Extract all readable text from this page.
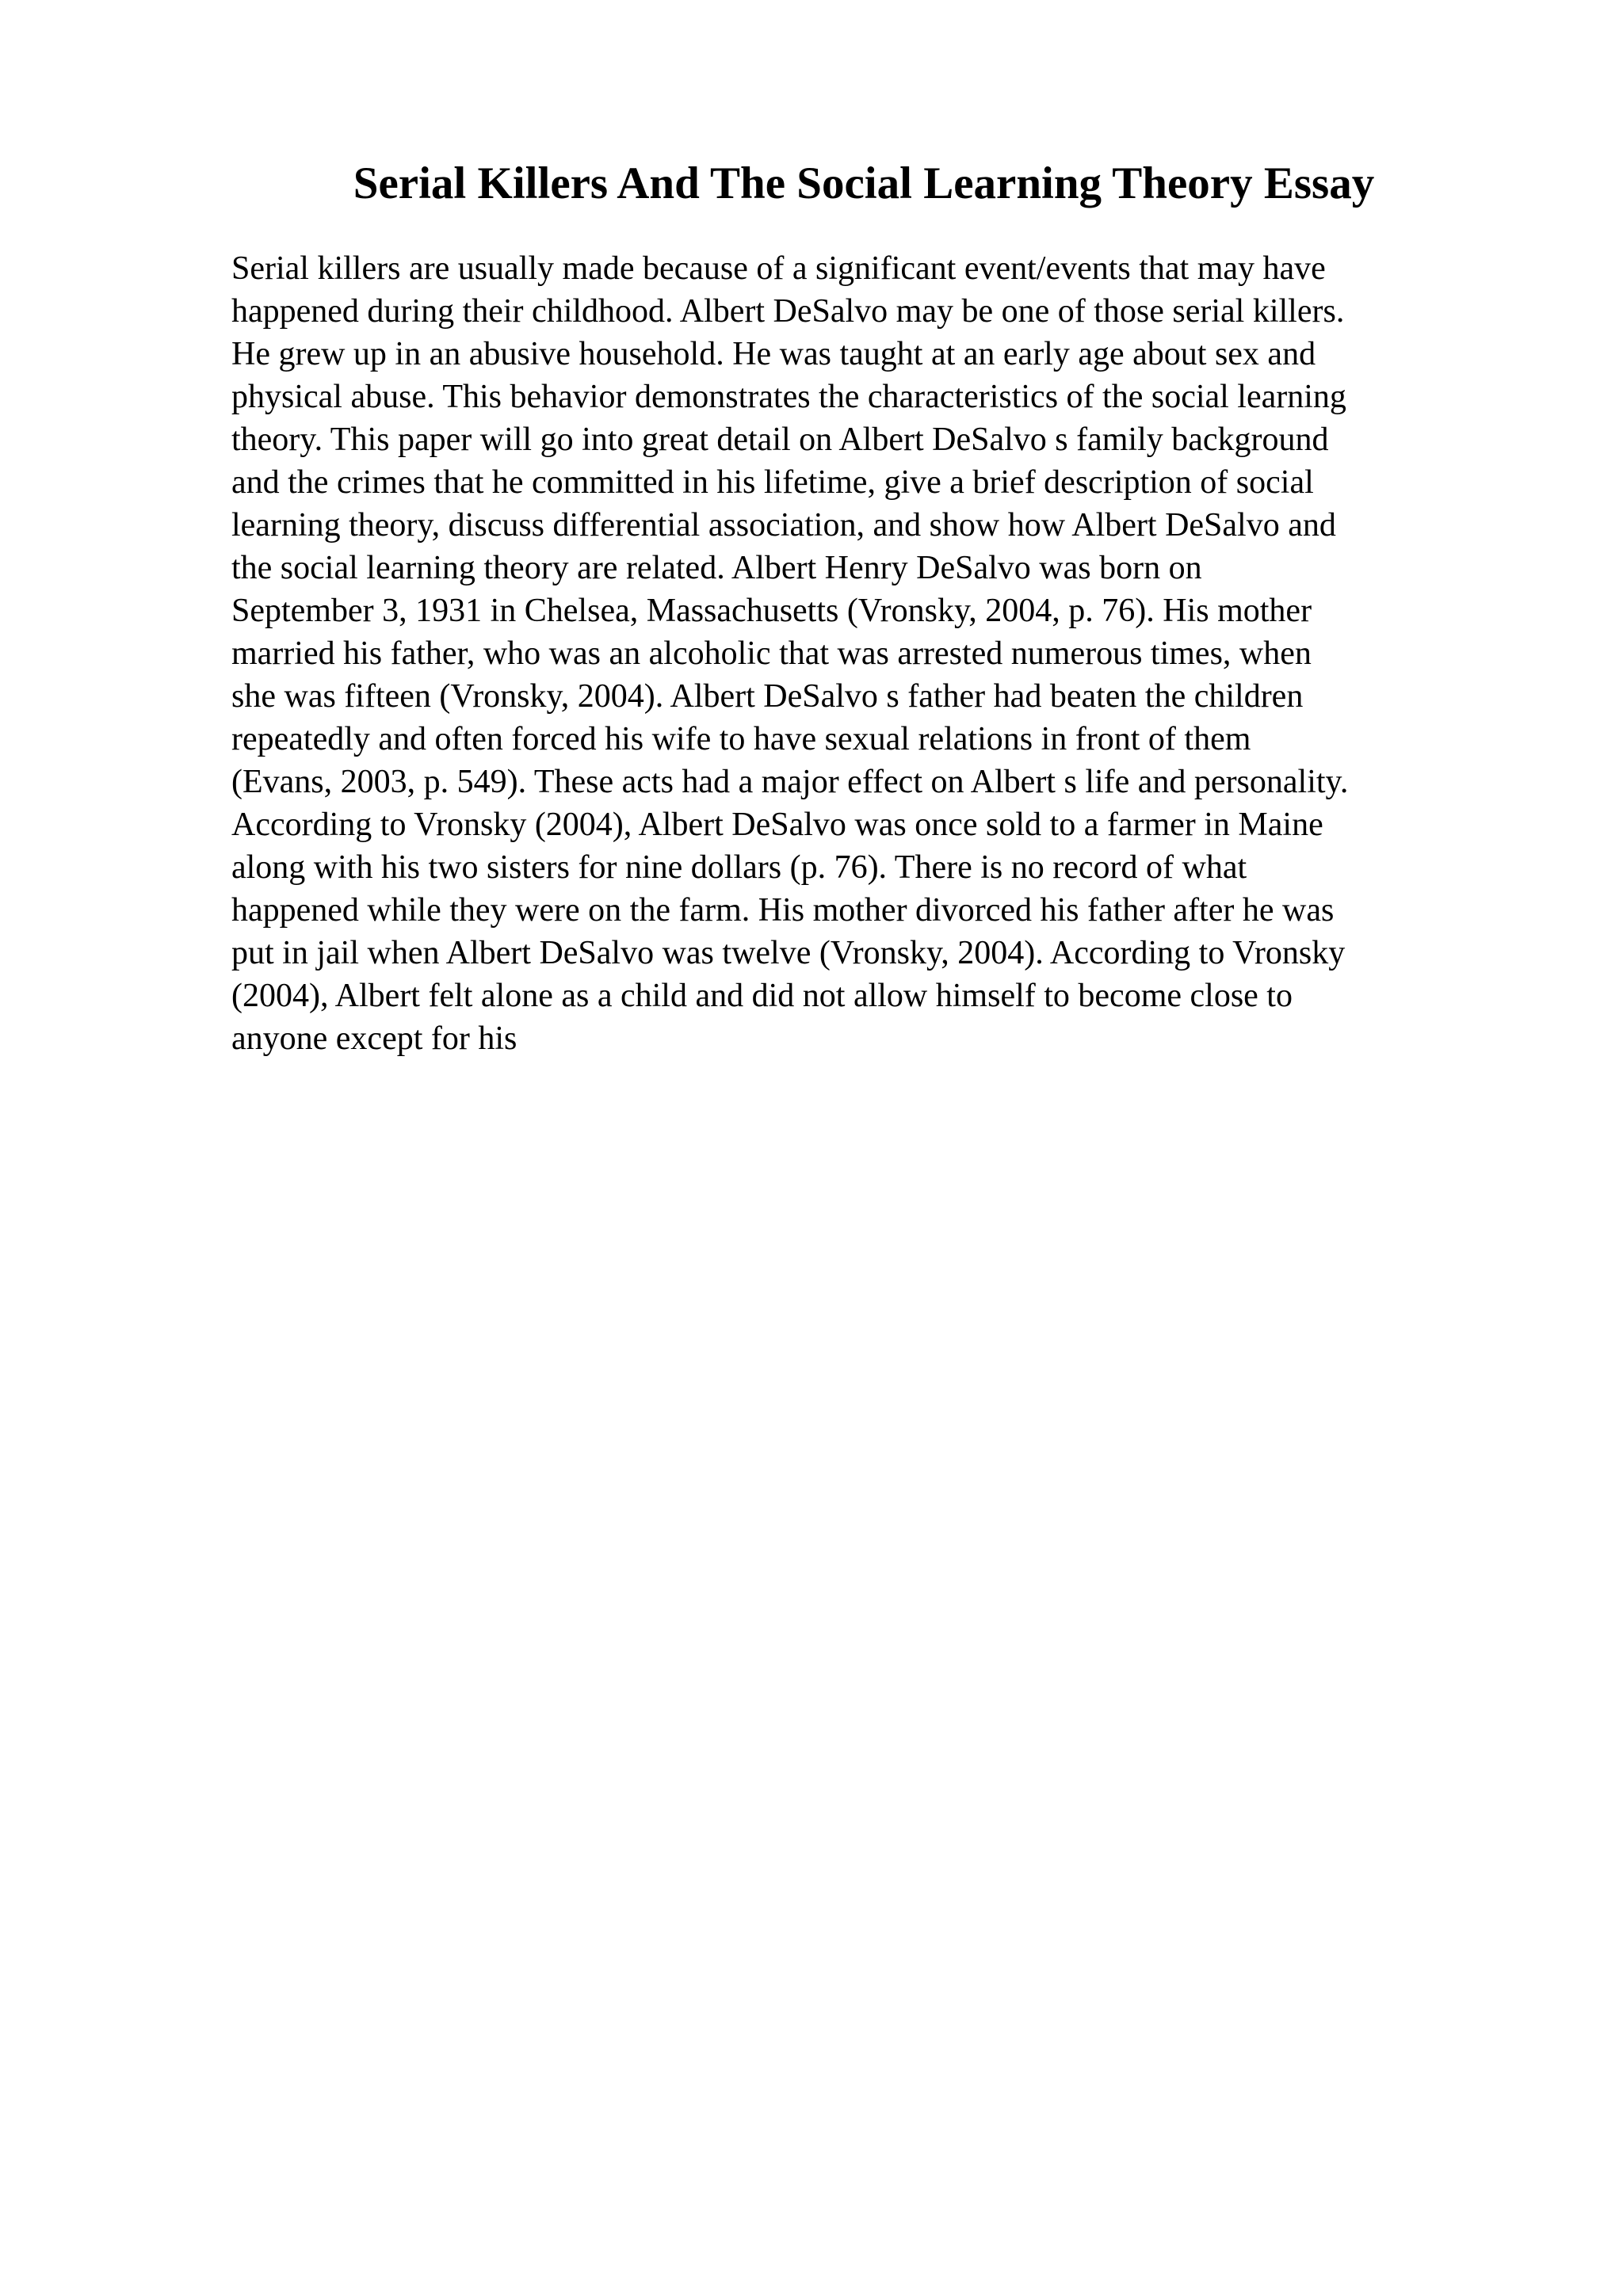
Serial Killers And The Social Learning Theory Essay
Serial killers are usually made because of a significant event/events that may have
happened during their childhood. Albert DeSalvo may be one of those serial killers.
He grew up in an abusive household. He was taught at an early age about sex and
physical abuse. This behavior demonstrates the characteristics of the social learning
theory. This paper will go into great detail on Albert DeSalvo s family background
and the crimes that he committed in his lifetime, give a brief description of social
learning theory, discuss differential association, and show how Albert DeSalvo and
the social learning theory are related. Albert Henry DeSalvo was born on
September 3, 1931 in Chelsea, Massachusetts (Vronsky, 2004, p. 76). His mother
married his father, who was an alcoholic that was arrested numerous times, when
she was fifteen (Vronsky, 2004). Albert DeSalvo s father had beaten the children
repeatedly and often forced his wife to have sexual relations in front of them
(Evans, 2003, p. 549). These acts had a major effect on Albert s life and personality.
According to Vronsky (2004), Albert DeSalvo was once sold to a farmer in Maine
along with his two sisters for nine dollars (p. 76). There is no record of what
happened while they were on the farm. His mother divorced his father after he was
put in jail when Albert DeSalvo was twelve (Vronsky, 2004). According to Vronsky
(2004), Albert felt alone as a child and did not allow himself to become close to
anyone except for his
